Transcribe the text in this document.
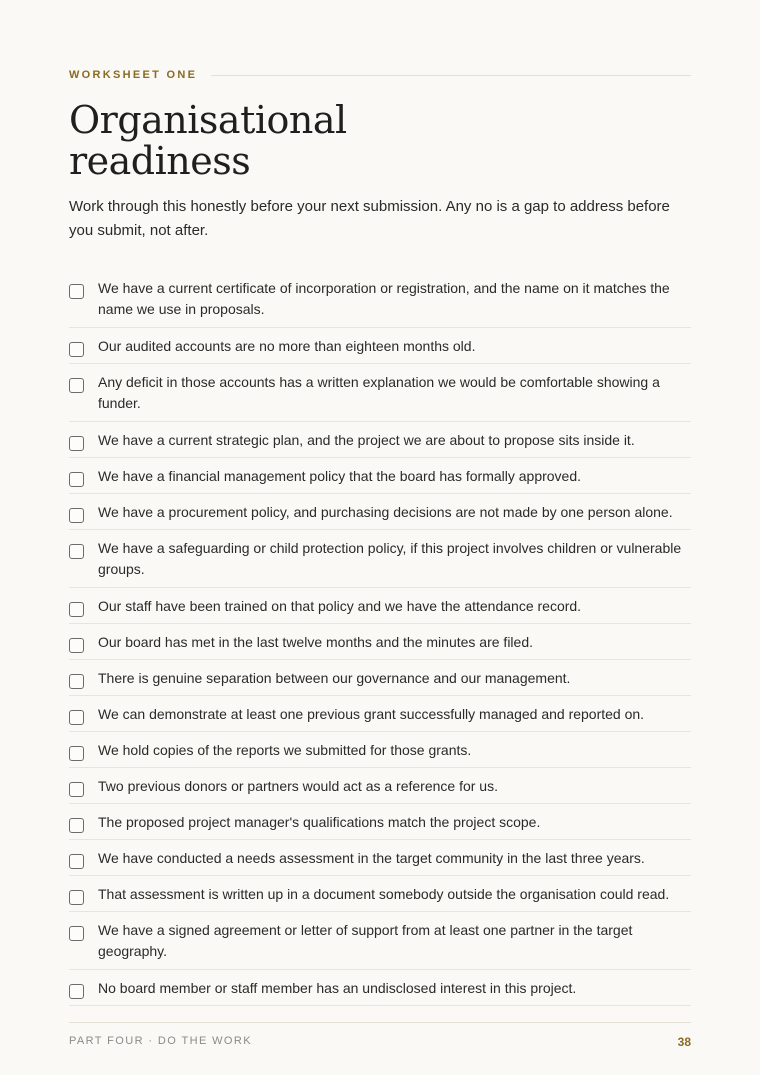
WORKSHEET ONE
Organisational readiness

Work through this honestly before your next submission. Any no is a gap to address before you submit, not after.

We have a current certificate of incorporation or registration, and the name on it matches the name we use in proposals.
Our audited accounts are no more than eighteen months old.
Any deficit in those accounts has a written explanation we would be comfortable showing a funder.
We have a current strategic plan, and the project we are about to propose sits inside it.
We have a financial management policy that the board has formally approved.
We have a procurement policy, and purchasing decisions are not made by one person alone.
We have a safeguarding or child protection policy, if this project involves children or vulnerable groups.
Our staff have been trained on that policy and we have the attendance record.
Our board has met in the last twelve months and the minutes are filed.
There is genuine separation between our governance and our management.
We can demonstrate at least one previous grant successfully managed and reported on.
We hold copies of the reports we submitted for those grants.
Two previous donors or partners would act as a reference for us.
The proposed project manager's qualifications match the project scope.
We have conducted a needs assessment in the target community in the last three years.
That assessment is written up in a document somebody outside the organisation could read.
We have a signed agreement or letter of support from at least one partner in the target geography.
No board member or staff member has an undisclosed interest in this project.
PART FOUR · DO THE WORK	38
